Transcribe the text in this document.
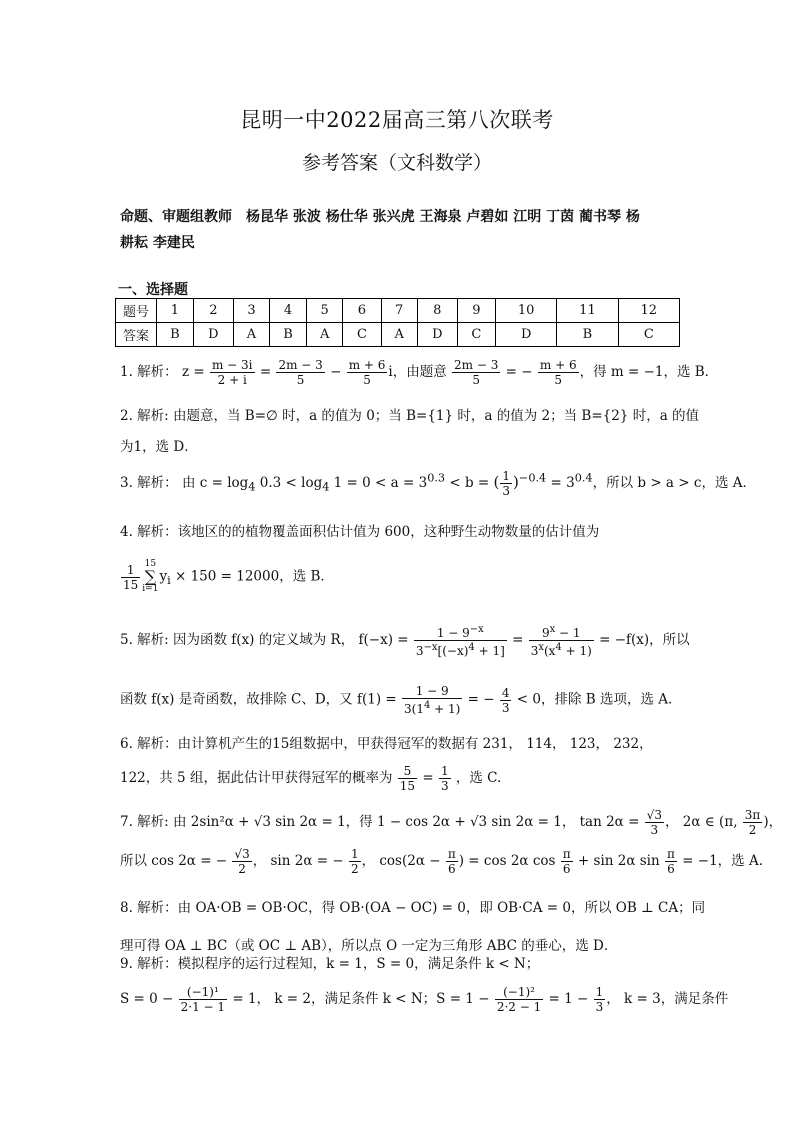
昆明一中2022届高三第八次联考
参考答案（文科数学）
命题、审题组教师 杨昆华 张波 杨仕华 张兴虎 王海泉 卢碧如 江明 丁茵 蔺书琴 杨
耕耘 李建民
一、选择题
题号	1	2	3	4	5	6	7	8	9	10	11	12
答案	B	D	A	B	A	C	A	D	C	D	B	C
1. 解析： $z = \frac{m - 3i}{2 + i} = \frac{2m - 3}{5} - \frac{m + 6}{5}$ i，由题意 $\frac{2m - 3}{5}$ = − $\frac{m + 6}{5}$ ，得 m = −1，选 B．
2. 解析: 由题意，当 B=∅ 时，a 的值为 0；当 B={1} 时，a 的值为 2；当 B={2} 时，a 的值
为1，选 D．
3. 解析： 由 $c = \log_4 0.3 < \log_4 1 = 0 < a = 3^{0.3} < b$ = ( $\frac{1}{3} )^{-0.4} = 3^{0.4}$，所以 b > a > c，选 A．
4. 解析：该地区的的植物覆盖面积估计值为 600，这种野生动物数量的估计值为
$\frac{1}{15} 15$
∑
i=1
$y_i \times 150 = 12000$，选 B．
5. 解析: 因为函数 f(x) 的定义域为 R， $f(-x) = \frac{1 - 9^{-x}}{3^{-x}[(-x)^4 + 1]} = \frac{9^x - 1}{3^x(x^4 + 1)} = -f(x)$，所以
函数 f(x) 是奇函数，故排除 C、D，又 $f(1) = \frac{1 - 9}{3(1^4 + 1)}$ = − $\frac{4}{3} < 0$，排除 B 选项，选 A．
6. 解析：由计算机产生的15组数据中，甲获得冠军的数据有 231， 114， 123， 232，
122，共 5 组，据此估计甲获得冠军的概率为 $\frac{5}{15} = \frac{1}{3}$ ，选 C.
7. 解析: 由 2sin²α + √3 sin 2α = 1，得 1 − cos 2α + √3 sin 2α = 1， $\tan 2\alpha = \frac{√3}{3}$ ， 2α ∈ (π, $\frac{3\pi}{2}$ )，
所以 cos 2α = − $\frac{√3}{2}$ ， sin 2α = − $\frac{1}{2}$ ， $\cos(2\alpha - \frac{\pi}{6}$ ) = cos 2α $\cos \frac{\pi}{6} + \sin 2\alpha$ $\sin \frac{\pi}{6} = -1$，选 A．
8. 解析：由 OA·OB = OB·OC，得 OB·(OA − OC) = 0，即 OB·CA = 0，所以 OB ⊥ CA；同
理可得 OA ⊥ BC（或 OC ⊥ AB），所以点 O 一定为三角形 ABC 的垂心，选 D．
9. 解析：模拟程序的运行过程知，k = 1，S = 0，满足条件 k < N；
$S = 0 - \frac{\text{(−1)¹}}{2\cdot 1 - 1} = 1$， k = 2，满足条件 k < N；$S = 1 - \frac{\text{(−1)²}}{2\cdot 2 - 1} = 1 - \frac{1}{3}$ ， k = 3，满足条件
